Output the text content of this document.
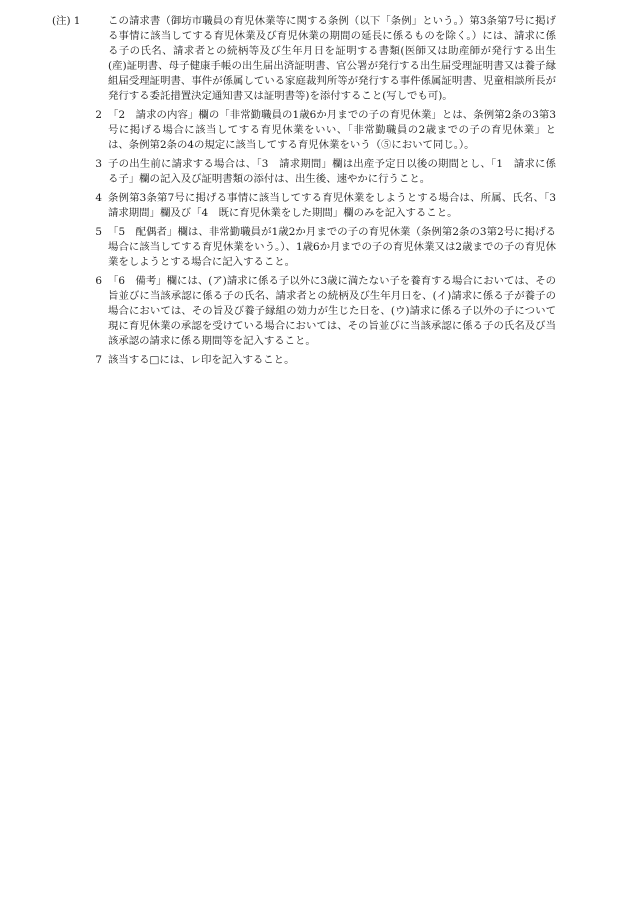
(注) 1	この請求書（御坊市職員の育児休業等に関する条例（以下「条例」という。）第3条第7号に掲げる事情に該当してする育児休業及び育児休業の期間の延長に係るものを除く。）には、請求に係る子の氏名、請求者との続柄等及び生年月日を証明する書類(医師又は助産師が発行する出生(産)証明書、母子健康手帳の出生届出済証明書、官公署が発行する出生届受理証明書又は養子縁組届受理証明書、事件が係属している家庭裁判所等が発行する事件係属証明書、児童相談所長が発行する委託措置決定通知書又は証明書等)を添付すること(写しでも可)。
2 「2　請求の内容」欄の「非常勤職員の1歳6か月までの子の育児休業」とは、条例第2条の3第3号に掲げる場合に該当してする育児休業をいい、「非常勤職員の2歳までの子の育児休業」とは、条例第2条の4の規定に該当してする育児休業をいう（⑤において同じ。）。
3 子の出生前に請求する場合は、「3　請求期間」欄は出産予定日以後の期間とし、「1　請求に係る子」欄の記入及び証明書類の添付は、出生後、速やかに行うこと。
4 条例第3条第7号に掲げる事情に該当してする育児休業をしようとする場合は、所属、氏名、「3　請求期間」欄及び「4　既に育児休業をした期間」欄のみを記入すること。
5 「5　配偶者」欄は、非常勤職員が1歳2か月までの子の育児休業（条例第2条の3第2号に掲げる場合に該当してする育児休業をいう。）、1歳6か月までの子の育児休業又は2歳までの子の育児休業をしようとする場合に記入すること。
6 「6　備考」欄には、(ア)請求に係る子以外に3歳に満たない子を養育する場合においては、その旨並びに当該承認に係る子の氏名、請求者との続柄及び生年月日を、(イ)請求に係る子が養子の場合においては、その旨及び養子縁組の効力が生じた日を、(ウ)請求に係る子以外の子について現に育児休業の承認を受けている場合においては、その旨並びに当該承認に係る子の氏名及び当該承認の請求に係る期間等を記入すること。
7 該当する□には、レ印を記入すること。
